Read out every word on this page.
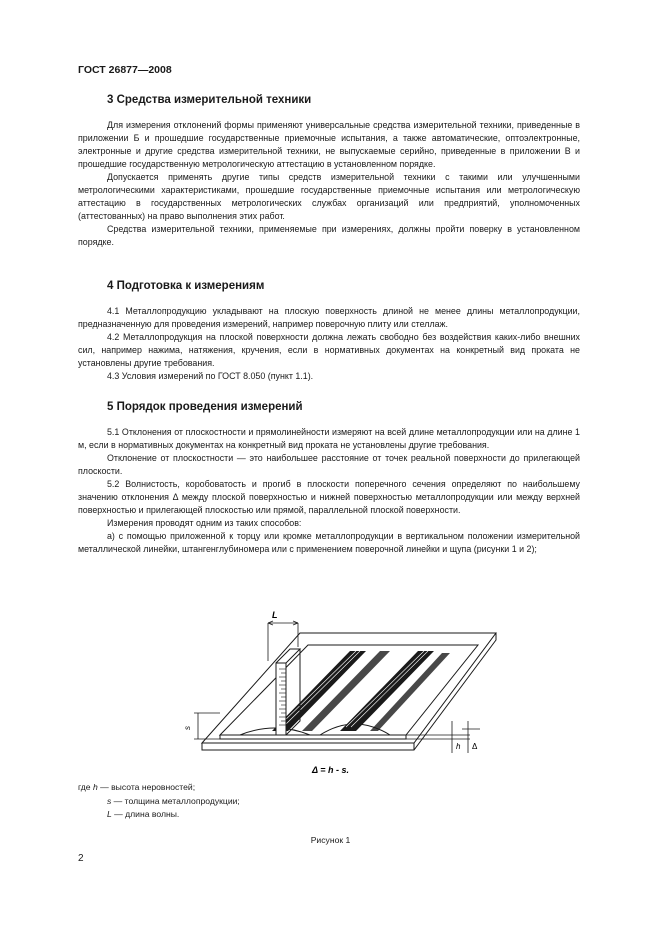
ГОСТ 26877—2008
3 Средства измерительной техники

Для измерения отклонений формы применяют универсальные средства измерительной техники, приведенные в приложении Б и прошедшие государственные приемочные испытания, а также автоматические, оптоэлектронные, электронные и другие средства измерительной техники, не выпускаемые серийно, приведенные в приложении В и прошедшие государственную метрологическую аттестацию в установленном порядке.

Допускается применять другие типы средств измерительной техники с такими или улучшенными метрологическими характеристиками, прошедшие государственные приемочные испытания или метрологическую аттестацию в государственных метрологических службах организаций или предприятий, уполномоченных (аттестованных) на право выполнения этих работ.

Средства измерительной техники, применяемые при измерениях, должны пройти поверку в установленном порядке.

4 Подготовка к измерениям

4.1 Металлопродукцию укладывают на плоскую поверхность длиной не менее длины металлопродукции, предназначенную для проведения измерений, например поверочную плиту или стеллаж.

4.2 Металлопродукция на плоской поверхности должна лежать свободно без воздействия каких-либо внешних сил, например нажима, натяжения, кручения, если в нормативных документах на конкретный вид проката не установлены другие требования.

4.3 Условия измерений по ГОСТ 8.050 (пункт 1.1).

5 Порядок проведения измерений

5.1 Отклонения от плоскостности и прямолинейности измеряют на всей длине металлопродукции или на длине 1 м, если в нормативных документах на конкретный вид проката не установлены другие требования.

Отклонение от плоскостности — это наибольшее расстояние от точек реальной поверхности до прилегающей плоскости.

5.2 Волнистость, коробоватость и прогиб в плоскости поперечного сечения определяют по наибольшему значению отклонения Δ между плоской поверхностью и нижней поверхностью металлопродукции или между верхней поверхностью и прилегающей плоскостью или прямой, параллельной плоской поверхности.

Измерения проводят одним из таких способов:

а) с помощью приложенной к торцу или кромке металлопродукции в вертикальном положении измерительной металлической линейки, штангенглубиномера или с применением поверочной линейки и щупа (рисунки 1 и 2);

L
s
h Δ
Δ = h - s.
где h — высота неровностей;
s — толщина металлопродукции;
L — длина волны.
Рисунок 1
2
